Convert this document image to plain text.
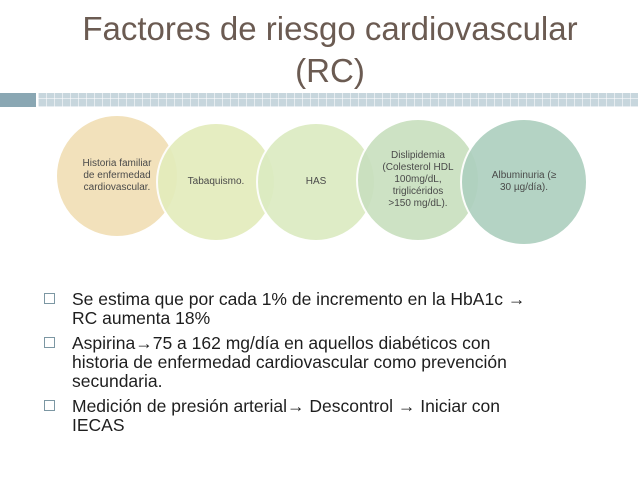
Factores de riesgo cardiovascular
(RC)
Historia familiar
de enfermedad
cardiovascular.
Tabaquismo.	HAS
Dislipidemia
(Colesterol HDL
100mg/dL,
triglicéridos
>150 mg/dL).
Albuminuria (≥
30 µg/día).
Se estima que por cada 1% de incremento en la HbA1c →
RC aumenta 18%
Aspirina→75 a 162 mg/día en aquellos diabéticos con
historia de enfermedad cardiovascular como prevención secundaria.
Medición de presión arterial→ Descontrol → Iniciar con
IECAS
